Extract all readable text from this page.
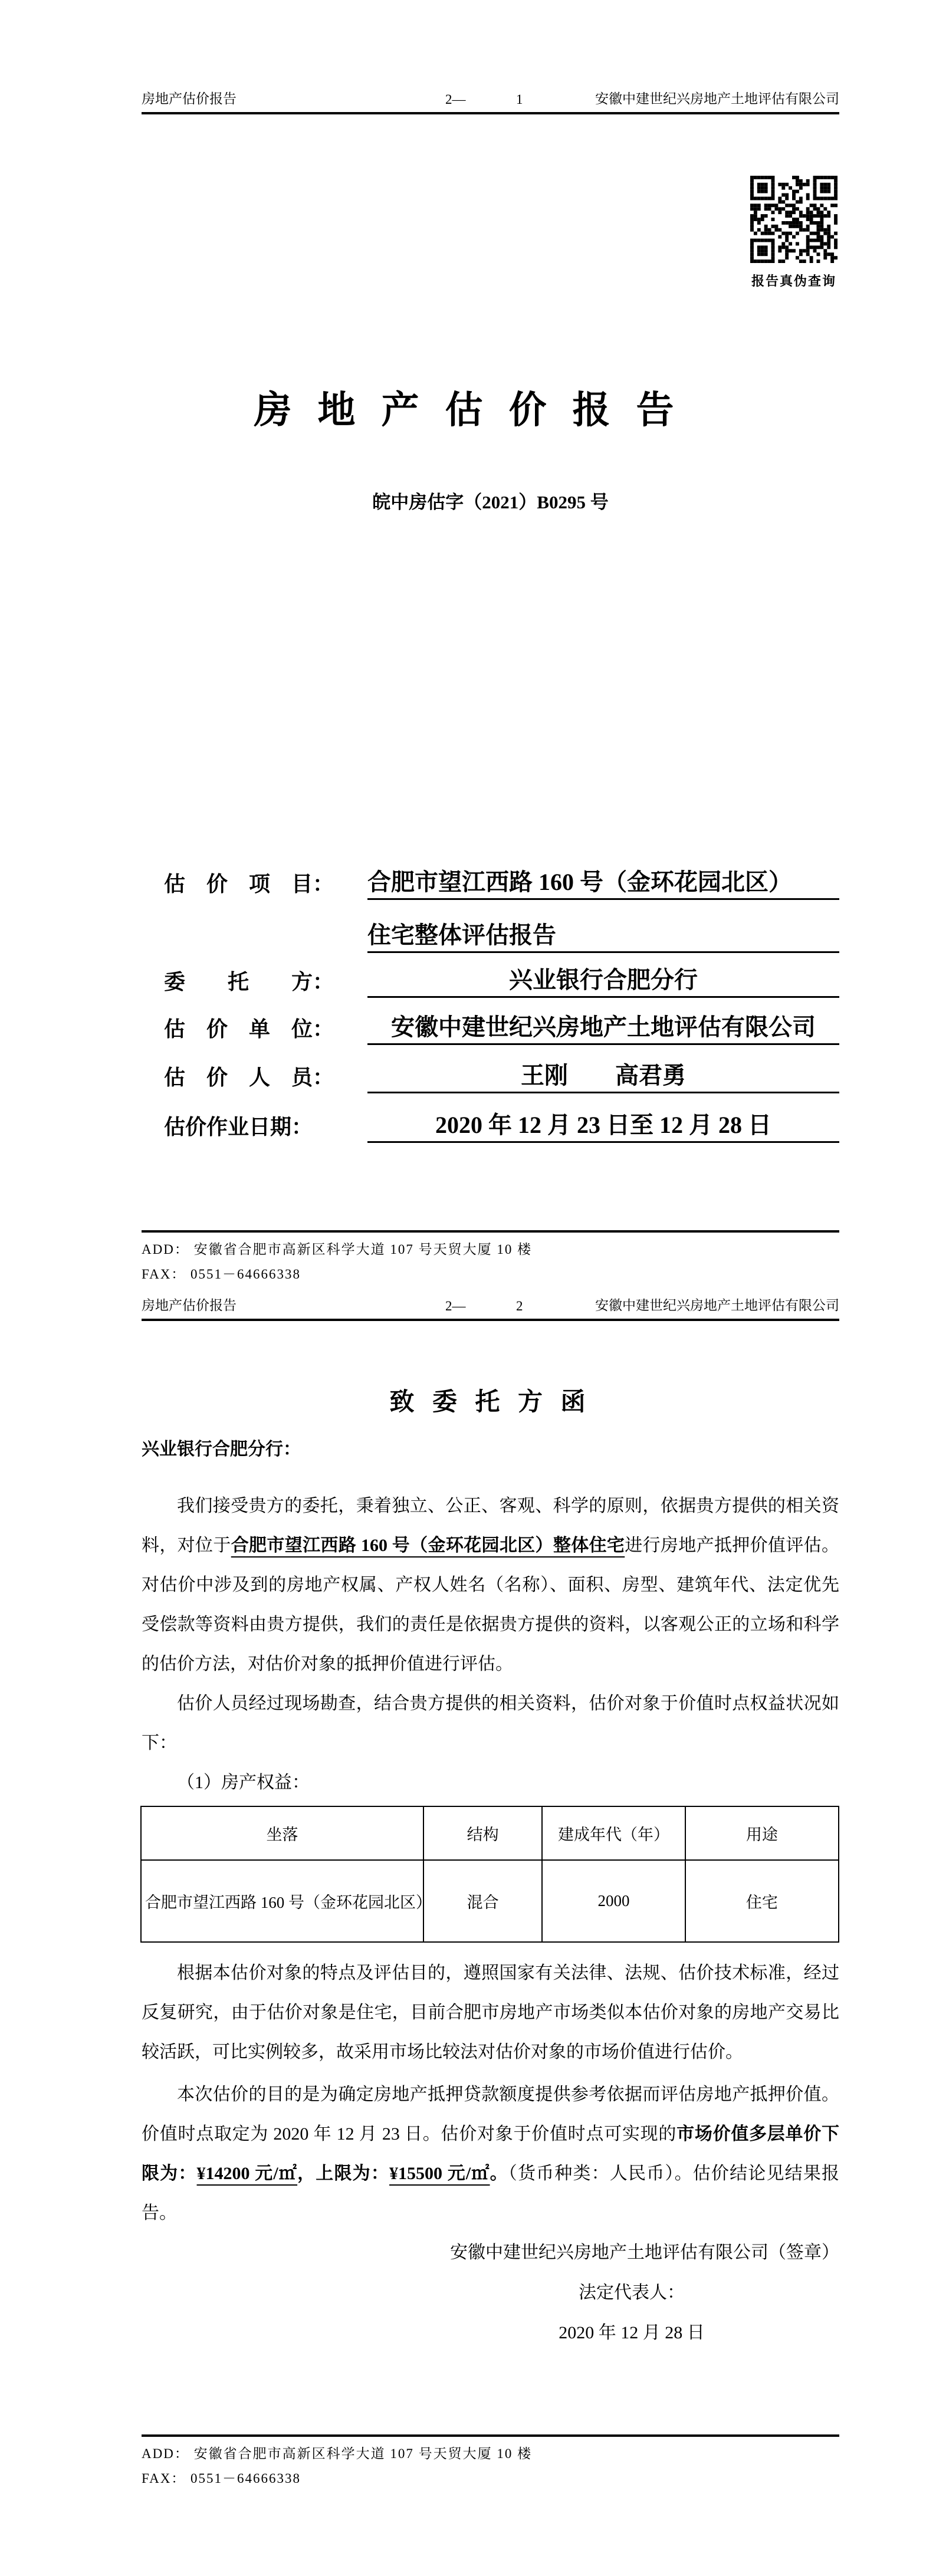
房地产估价报告	2—	1	安徽中建世纪兴房地产土地评估有限公司
报告真伪查询
房 地 产 估 价 报 告
皖中房估字（2021）B0295 号
估　价　项　目：	合肥市望江西路 160 号（金环花园北区）
住宅整体评估报告
委　　托　　方：	兴业银行合肥分行
估　价　单　位：	安徽中建世纪兴房地产土地评估有限公司
估　价　人　员：	王刚　　高君勇
估价作业日期：	2020 年 12 月 23 日至 12 月 28 日
ADD： 安徽省合肥市高新区科学大道 107 号天贸大厦 10 楼
FAX： 0551－64666338
房地产估价报告	2—	2	安徽中建世纪兴房地产土地评估有限公司
致 委 托 方 函
兴业银行合肥分行：

我们接受贵方的委托，秉着独立、公正、客观、科学的原则，依据贵方提供的相关资料，对位于合肥市望江西路 160 号（金环花园北区）整体住宅进行房地产抵押价值评估。对估价中涉及到的房地产权属、产权人姓名（名称）、面积、房型、建筑年代、法定优先受偿款等资料由贵方提供，我们的责任是依据贵方提供的资料，以客观公正的立场和科学的估价方法，对估价对象的抵押价值进行评估。

估价人员经过现场勘查，结合贵方提供的相关资料，估价对象于价值时点权益状况如下：

（1）房产权益：

坐落	结构	建成年代（年）	用途
合肥市望江西路 160 号（金环花园北区）	混合	2000	住宅

根据本估价对象的特点及评估目的，遵照国家有关法律、法规、估价技术标准，经过反复研究，由于估价对象是住宅，目前合肥市房地产市场类似本估价对象的房地产交易比较活跃，可比实例较多，故采用市场比较法对估价对象的市场价值进行估价。

本次估价的目的是为确定房地产抵押贷款额度提供参考依据而评估房地产抵押价值。价值时点取定为 2020 年 12 月 23 日。估价对象于价值时点可实现的市场价值多层单价下限为：¥14200 元/㎡，上限为：¥15500 元/㎡。（货币种类：人民币）。估价结论见结果报告。

安徽中建世纪兴房地产土地评估有限公司（签章）
法定代表人：
2020 年 12 月 28 日
ADD： 安徽省合肥市高新区科学大道 107 号天贸大厦 10 楼
FAX： 0551－64666338
